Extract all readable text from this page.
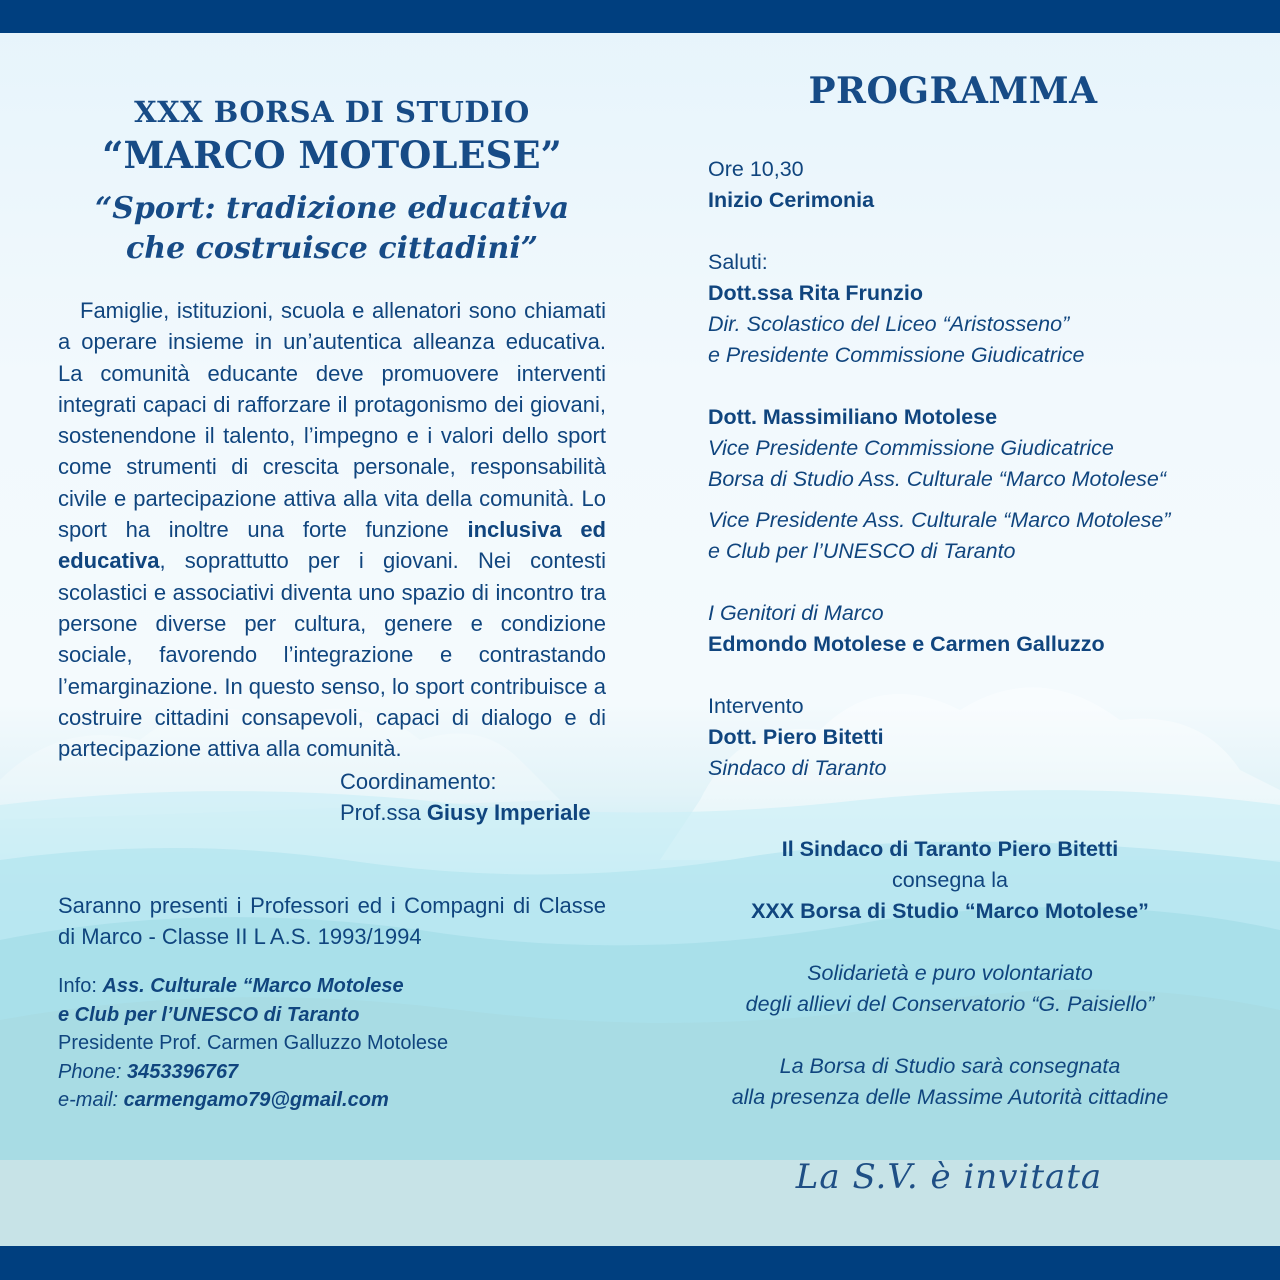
XXX BORSA DI STUDIO
“MARCO MOTOLESE”
“Sport: tradizione educativa
che costruisce cittadini”

Famiglie, istituzioni, scuola e allenatori sono chiamati a operare insieme in un’autentica alleanza educativa. La comunità educante deve promuovere interventi integrati capaci di rafforzare il protagonismo dei giovani, sostenendone il talento, l’impegno e i valori dello sport come strumenti di crescita personale, responsabilità civile e partecipazione attiva alla vita della comunità. Lo sport ha inoltre una forte funzione inclusiva ed educativa, soprattutto per i giovani. Nei contesti scolastici e associativi diventa uno spazio di incontro tra persone diverse per cultura, genere e condizione sociale, favorendo l’integrazione e contrastando l’emarginazione. In questo senso, lo sport contribuisce a costruire cittadini consapevoli, capaci di dialogo e di partecipazione attiva alla comunità.

Coordinamento:
Prof.ssa Giusy Imperiale
Saranno presenti i Professori ed i Compagni di Classe di Marco - Classe II L A.S. 1993/1994
Info: Ass. Culturale “Marco Motolese
e Club per l’UNESCO di Taranto
Presidente Prof. Carmen Galluzzo Motolese
Phone: 3453396767
e-mail: carmengamo79@gmail.com
PROGRAMMA
Ore 10,30
Inizio Cerimonia
Saluti:
Dott.ssa Rita Frunzio
Dir. Scolastico del Liceo “Aristosseno”
e Presidente Commissione Giudicatrice
Dott. Massimiliano Motolese
Vice Presidente Commissione Giudicatrice
Borsa di Studio Ass. Culturale “Marco Motolese“
Vice Presidente Ass. Culturale “Marco Motolese”
e Club per l’UNESCO di Taranto
I Genitori di Marco
Edmondo Motolese e Carmen Galluzzo
Intervento
Dott. Piero Bitetti
Sindaco di Taranto
Il Sindaco di Taranto Piero Bitetti
consegna la
XXX Borsa di Studio “Marco Motolese”
Solidarietà e puro volontariato
degli allievi del Conservatorio “G. Paisiello”
La Borsa di Studio sarà consegnata
alla presenza delle Massime Autorità cittadine
La S.V. è invitata
